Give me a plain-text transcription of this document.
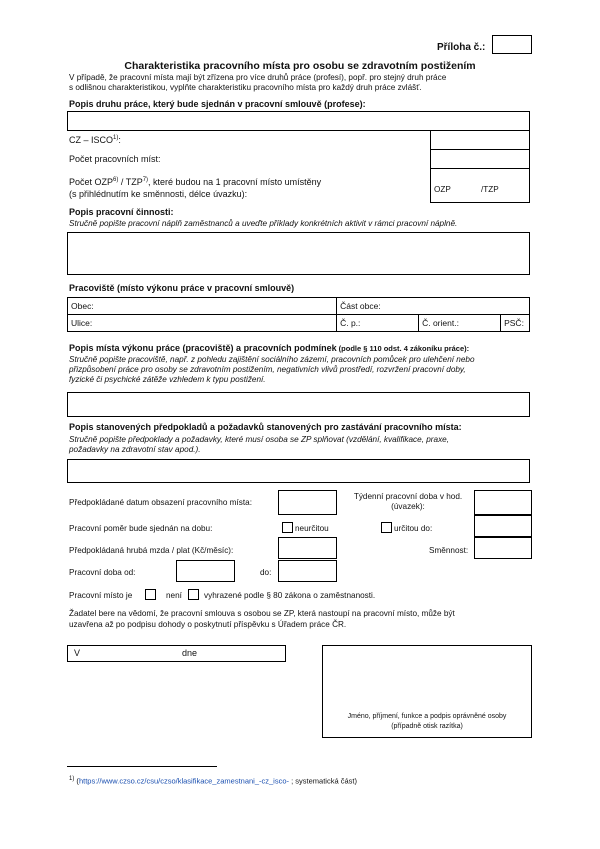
Příloha č.:
Charakteristika pracovního místa pro osobu se zdravotním postižením
V případě, že pracovní místa mají být zřízena pro více druhů práce (profesí), popř. pro stejný druh práce
s odlišnou charakteristikou, vyplňte charakteristiku pracovního místa pro každý druh práce zvlášť.
Popis druhu práce, který bude sjednán v pracovní smlouvě (profese):
CZ – ISCO$^{1)}$:
Počet pracovních míst:
Počet OZP$^{6)}$ / TZP$^{7)}$, které budou na 1 pracovní místo umístěny
(s přihlédnutím ke směnnosti, délce úvazku):	OZP	/TZP
Popis pracovní činnosti:
Stručně popište pracovní náplň zaměstnanců a uveďte příklady konkrétních aktivit v rámci pracovní náplně.
Pracoviště (místo výkonu práce v pracovní smlouvě)
Obec:	Část obce:		
Ulice:	Č. p.:	Č. orient.:	PSČ:
Popis místa výkonu práce (pracoviště) a pracovních podmínek (podle § 110 odst. 4 zákoníku práce):
Stručně popište pracoviště, např. z pohledu zajištění sociálního zázemí, pracovních pomůcek pro ulehčení nebo
přizpůsobení práce pro osoby se zdravotním postižením, negativních vlivů prostředí, rozvržení pracovní doby,
fyzické či psychické zátěže vzhledem k typu postižení.
Popis stanovených předpokladů a požadavků stanovených pro zastávání pracovního místa:
Stručně popište předpoklady a požadavky, které musí osoba se ZP splňovat (vzdělání, kvalifikace, praxe,
požadavky na zdravotní stav apod.).
Předpokládané datum obsazení pracovního místa:
Týdenní pracovní doba v hod.
(úvazek):
Pracovní poměr bude sjednán na dobu:	neurčitou	určitou do:
Předpokládaná hrubá mzda / plat (Kč/měsíc):	Směnnost:
Pracovní doba od:	do:
Pracovní místo je	není	vyhrazené podle § 80 zákona o zaměstnanosti.
Žadatel bere na vědomí, že pracovní smlouva s osobou se ZP, která nastoupí na pracovní místo, může být
uzavřena až po podpisu dohody o poskytnutí příspěvku s Úřadem práce ČR.
V	dne
Jméno, příjmení, funkce a podpis oprávněné osoby
(případně otisk razítka)
$^{1)}$ (https://www.czso.cz/csu/czso/klasifikace_zamestnani_-cz_isco- ; systematická část)
